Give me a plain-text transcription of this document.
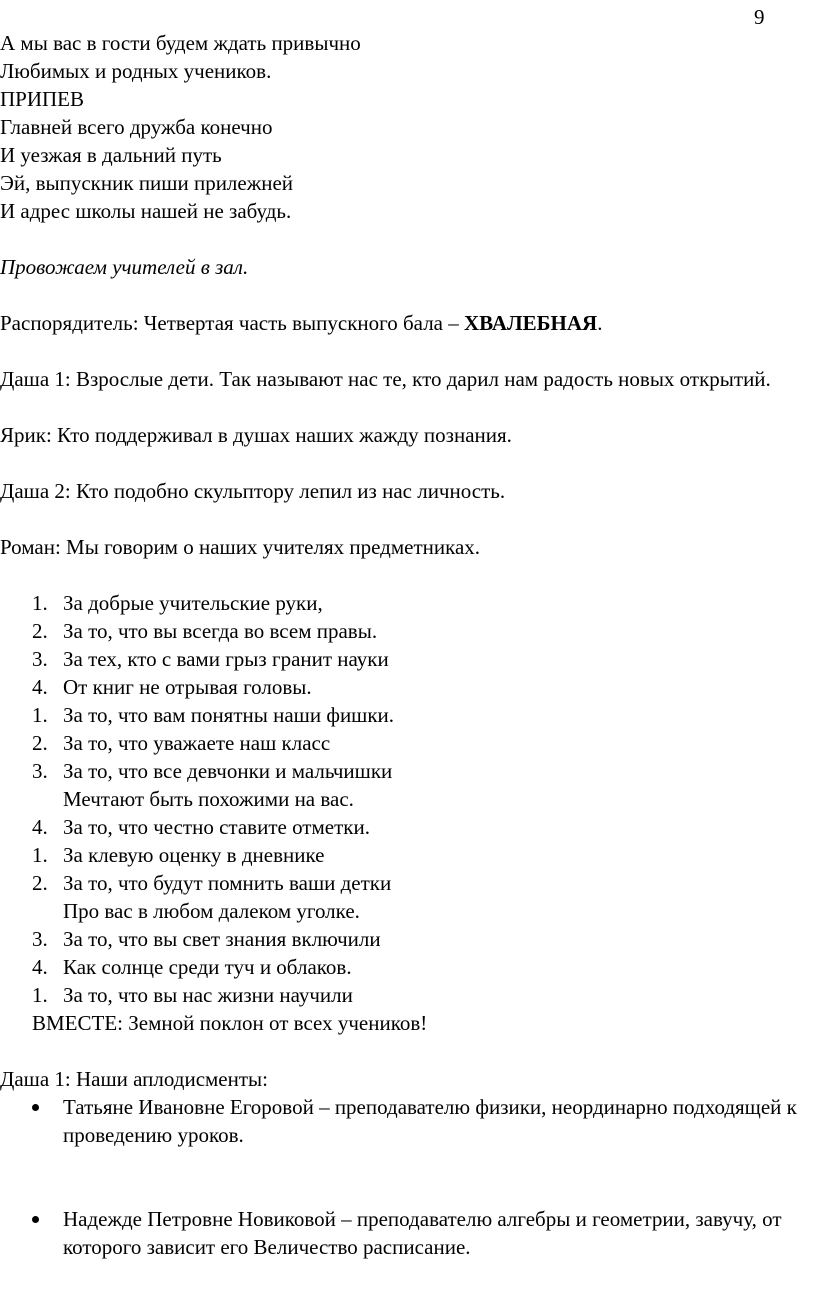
9
А мы вас в гости будем ждать привычно
Любимых и родных учеников.
ПРИПЕВ
Главней всего дружба конечно
И уезжая в дальний путь
Эй, выпускник пиши прилежней
И адрес школы нашей не забудь.
Провожаем учителей в зал.
Распорядитель: Четвертая часть выпускного бала – ХВАЛЕБНАЯ.
Даша 1: Взрослые дети. Так называют нас те, кто дарил нам радость новых открытий.
Ярик: Кто поддерживал в душах наших жажду познания.
Даша 2: Кто подобно скульптору лепил из нас личность.
Роман: Мы говорим о наших учителях предметниках.
1. За добрые учительские руки,
2. За то, что вы всегда во всем правы.
3. За тех, кто с вами грыз гранит науки
4. От книг не отрывая головы.
1. За то, что вам понятны наши фишки.
2. За то, что уважаете наш класс
3. За то, что все девчонки и мальчишки
Мечтают быть похожими на вас.
4. За то, что честно ставите отметки.
1. За клевую оценку в дневнике
2. За то, что будут помнить ваши детки
Про вас в любом далеком уголке.
3. За то, что вы свет знания включили
4. Как солнце среди туч и облаков.
1. За то, что вы нас жизни научили
ВМЕСТЕ: Земной поклон от всех учеников!
Даша 1: Наши аплодисменты:
Татьяне Ивановне Егоровой – преподавателю физики, неординарно подходящей к проведению уроков.
Надежде Петровне Новиковой – преподавателю алгебры и геометрии, завучу, от которого зависит его Величество расписание.
